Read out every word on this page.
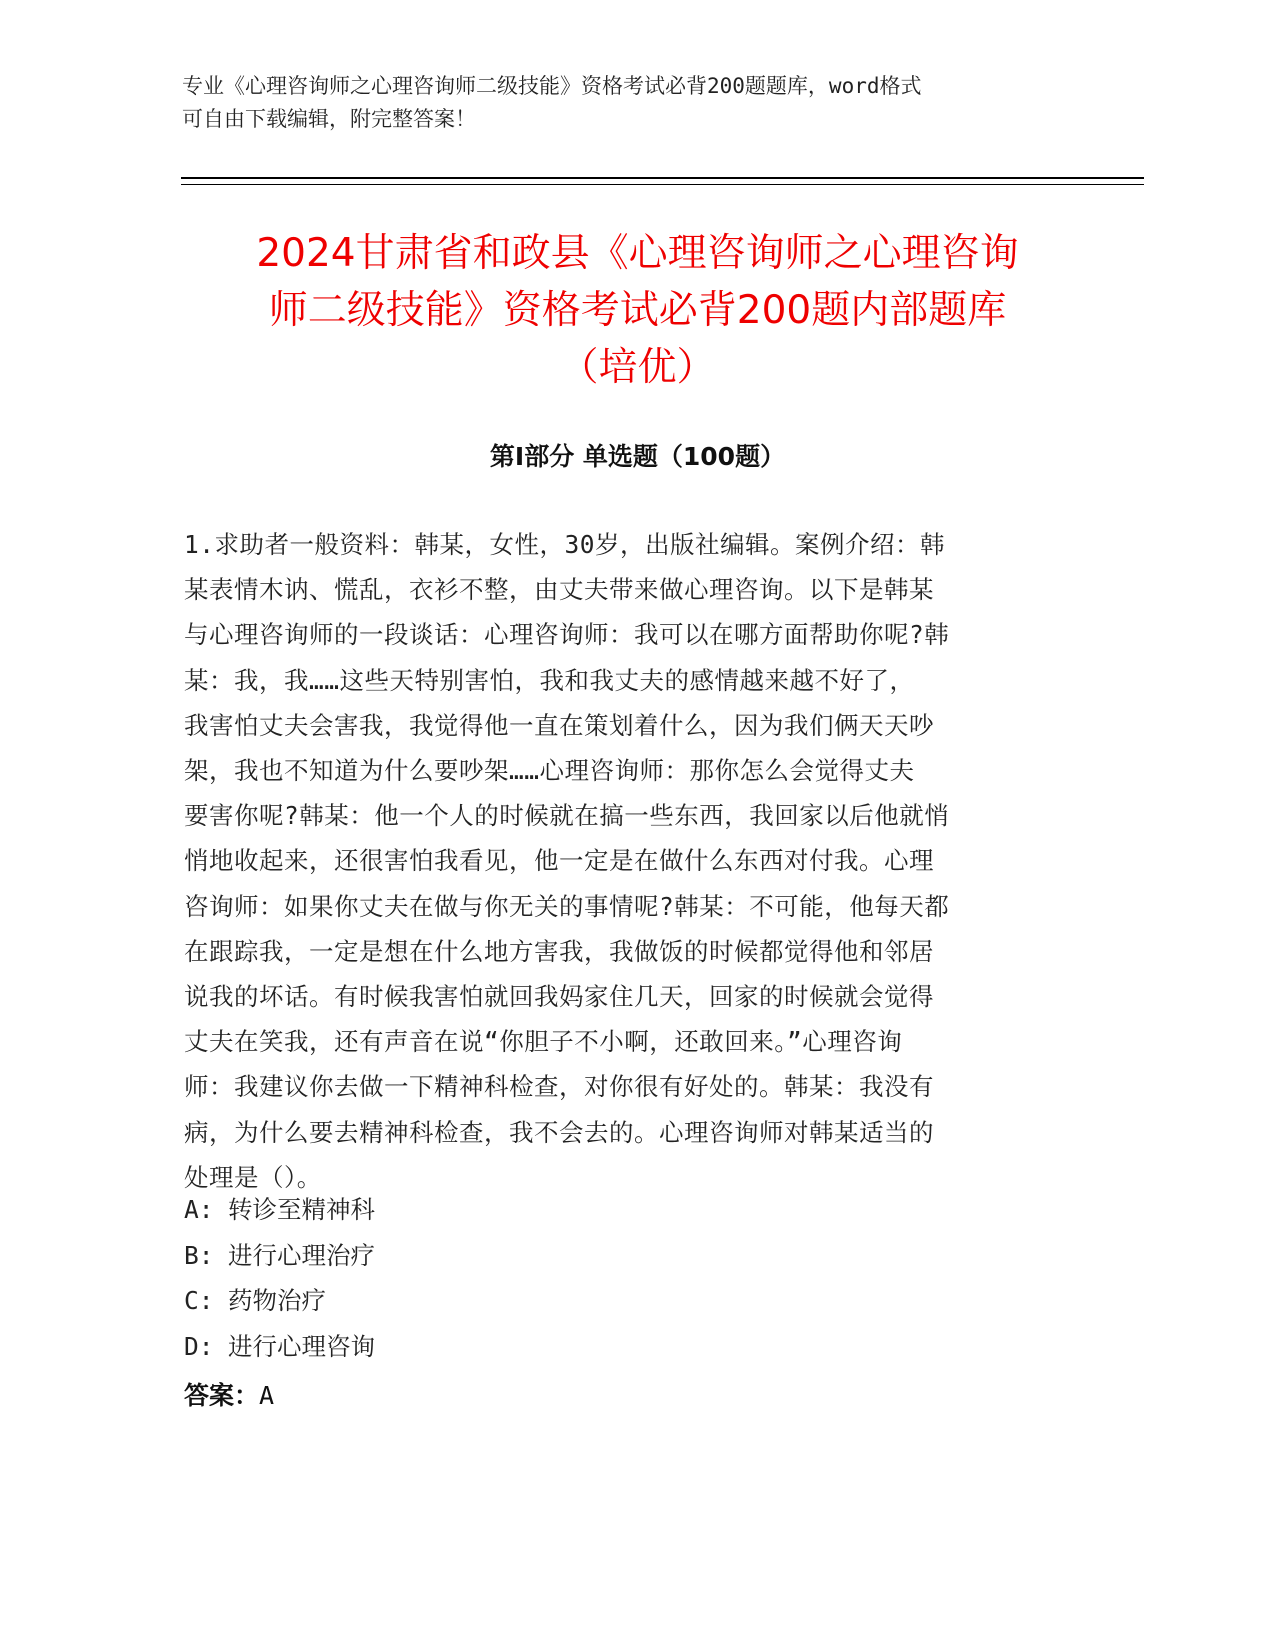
专业《心理咨询师之心理咨询师二级技能》资格考试必背200题题库，word格式

可自由下载编辑，附完整答案！

2024甘肃省和政县《心理咨询师之心理咨询
师二级技能》资格考试必背200题内部题库
（培优）
第Ⅰ部分 单选题（100题）
1.求助者一般资料：韩某，女性，30岁，出版社编辑。案例介绍：韩
某表情木讷、慌乱，衣衫不整，由丈夫带来做心理咨询。以下是韩某
与心理咨询师的一段谈话：心理咨询师：我可以在哪方面帮助你呢?韩
某：我，我……这些天特别害怕，我和我丈夫的感情越来越不好了，
我害怕丈夫会害我，我觉得他一直在策划着什么，因为我们俩天天吵
架，我也不知道为什么要吵架……心理咨询师：那你怎么会觉得丈夫
要害你呢?韩某：他一个人的时候就在搞一些东西，我回家以后他就悄
悄地收起来，还很害怕我看见，他一定是在做什么东西对付我。心理
咨询师：如果你丈夫在做与你无关的事情呢?韩某：不可能，他每天都
在跟踪我，一定是想在什么地方害我，我做饭的时候都觉得他和邻居
说我的坏话。有时候我害怕就回我妈家住几天，回家的时候就会觉得
丈夫在笑我，还有声音在说“你胆子不小啊，还敢回来。”心理咨询
师：我建议你去做一下精神科检查，对你很有好处的。韩某：我没有
病，为什么要去精神科检查，我不会去的。心理咨询师对韩某适当的
处理是（）。
A: 转诊至精神科
B: 进行心理治疗
C: 药物治疗
D: 进行心理咨询
答案：A
